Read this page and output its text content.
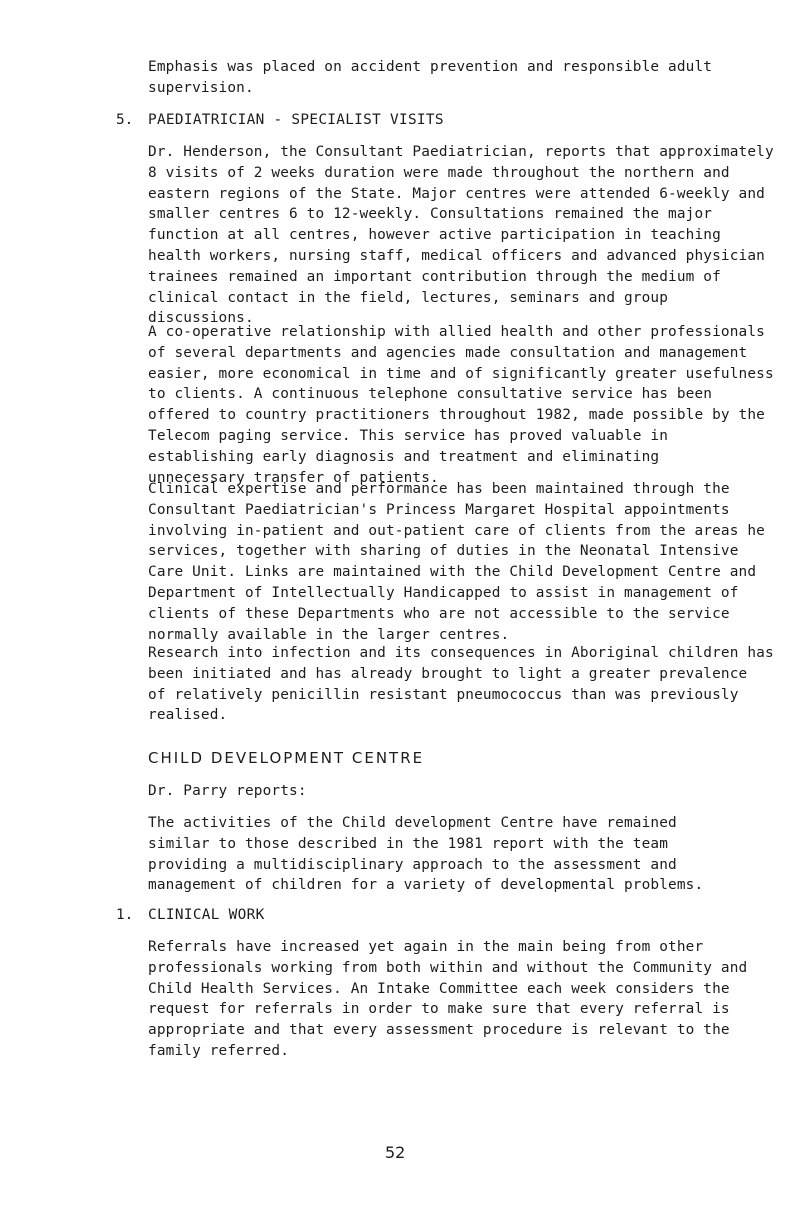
Emphasis was placed on accident prevention and responsible adult
supervision.

5. PAEDIATRICIAN - SPECIALIST VISITS

Dr. Henderson, the Consultant Paediatrician, reports that approximately
8 visits of 2 weeks duration were made throughout the northern and
eastern regions of the State. Major centres were attended 6-weekly and
smaller centres 6 to 12-weekly. Consultations remained the major
function at all centres, however active participation in teaching
health workers, nursing staff, medical officers and advanced physician
trainees remained an important contribution through the medium of
clinical contact in the field, lectures, seminars and group
discussions.

A co-operative relationship with allied health and other professionals
of several departments and agencies made consultation and management
easier, more economical in time and of significantly greater usefulness
to clients. A continuous telephone consultative service has been
offered to country practitioners throughout 1982, made possible by the
Telecom paging service. This service has proved valuable in
establishing early diagnosis and treatment and eliminating
unnecessary transfer of patients.

Clinical expertise and performance has been maintained through the
Consultant Paediatrician's Princess Margaret Hospital appointments
involving in-patient and out-patient care of clients from the areas he
services, together with sharing of duties in the Neonatal Intensive
Care Unit. Links are maintained with the Child Development Centre and
Department of Intellectually Handicapped to assist in management of
clients of these Departments who are not accessible to the service
normally available in the larger centres.

Research into infection and its consequences in Aboriginal children has
been initiated and has already brought to light a greater prevalence
of relatively penicillin resistant pneumococcus than was previously
realised.

CHILD DEVELOPMENT CENTRE

Dr. Parry reports:

The activities of the Child development Centre have remained
similar to those described in the 1981 report with the team
providing a multidisciplinary approach to the assessment and
management of children for a variety of developmental problems.

1. CLINICAL WORK

Referrals have increased yet again in the main being from other
professionals working from both within and without the Community and
Child Health Services. An Intake Committee each week considers the
request for referrals in order to make sure that every referral is
appropriate and that every assessment procedure is relevant to the
family referred.

52
